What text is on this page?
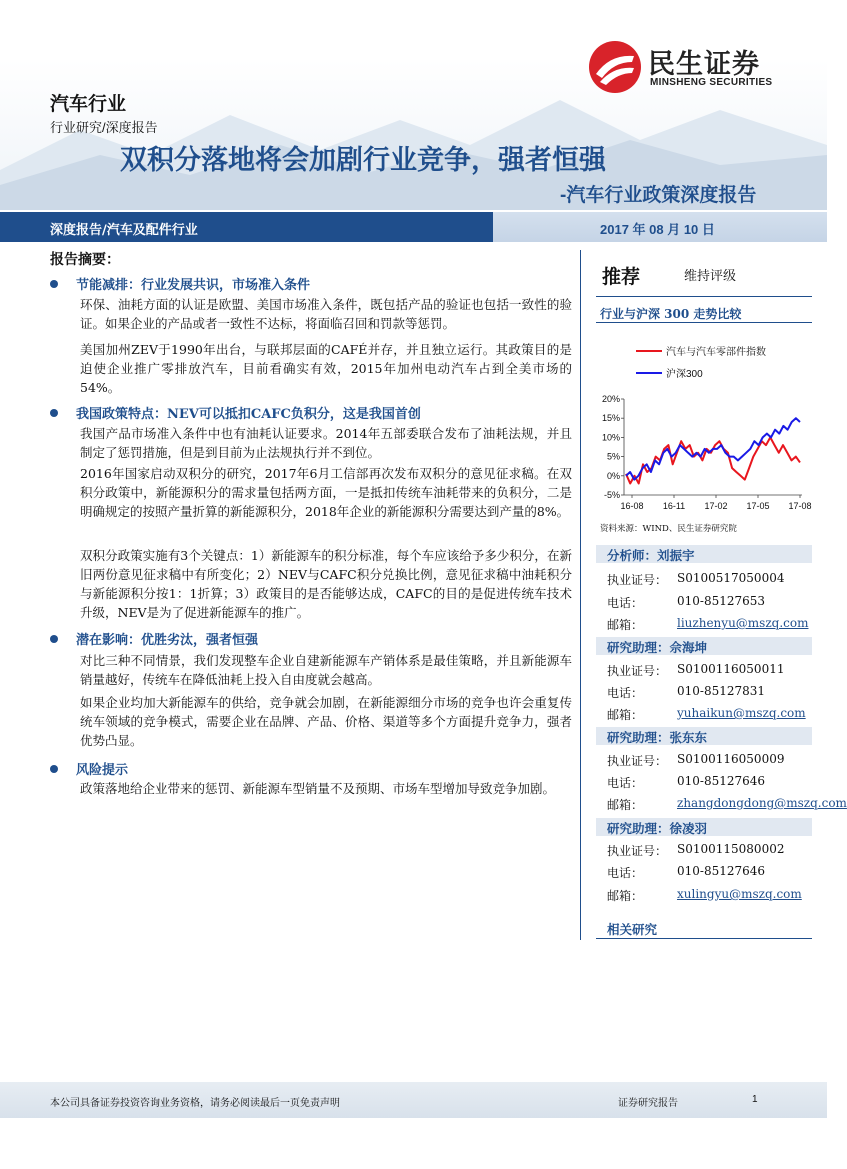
民生证券
MINSHENG SECURITIES
汽车行业
行业研究/深度报告
双积分落地将会加剧行业竞争，强者恒强
-汽车行业政策深度报告
深度报告/汽车及配件行业	2017 年 08 月 10 日
报告摘要：
节能减排：行业发展共识，市场准入条件
环保、油耗方面的认证是欧盟、美国市场准入条件，既包括产品的验证也包括一致性的验证。如果企业的产品或者一致性不达标，将面临召回和罚款等惩罚。
美国加州ZEV于1990年出台，与联邦层面的CAFÉ并存，并且独立运行。其政策目的是迫使企业推广零排放汽车，目前看确实有效，2015年加州电动汽车占到全美市场的54%。
我国政策特点：NEV可以抵扣CAFC负积分，这是我国首创
我国产品市场准入条件中也有油耗认证要求。2014年五部委联合发布了油耗法规，并且制定了惩罚措施，但是到目前为止法规执行并不到位。
2016年国家启动双积分的研究，2017年6月工信部再次发布双积分的意见征求稿。在双积分政策中，新能源积分的需求量包括两方面，一是抵扣传统车油耗带来的负积分，二是明确规定的按照产量折算的新能源积分，2018年企业的新能源积分需要达到产量的8%。
双积分政策实施有3个关键点：1）新能源车的积分标准，每个车应该给予多少积分，在新旧两份意见征求稿中有所变化；2）NEV与CAFC积分兑换比例，意见征求稿中油耗积分与新能源积分按1：1折算；3）政策目的是否能够达成，CAFC的目的是促进传统车技术升级，NEV是为了促进新能源车的推广。
潜在影响：优胜劣汰，强者恒强
对比三种不同情景，我们发现整车企业自建新能源车产销体系是最佳策略，并且新能源车销量越好，传统车在降低油耗上投入自由度就会越高。
如果企业均加大新能源车的供给，竞争就会加剧，在新能源细分市场的竞争也许会重复传统车领域的竞争模式，需要企业在品牌、产品、价格、渠道等多个方面提升竞争力，强者优势凸显。
风险提示
政策落地给企业带来的惩罚、新能源车型销量不及预期、市场车型增加导致竞争加剧。
推荐	维持评级
行业与沪深 300 走势比较
20%
15%
10%
5%
0%
-5%
16-08 16-11 17-02 17-05 17-08
汽车与汽车零部件指数
沪深300
资料来源：WIND、民生证券研究院
分析师：刘振宇
执业证号： S0100517050004
电话：	010-85127653
邮箱：	liuzhenyu@mszq.com
研究助理：佘海坤
执业证号： S0100116050011
电话：	010-85127831
邮箱：	yuhaikun@mszq.com
研究助理：张东东
执业证号： S0100116050009
电话：	010-85127646
邮箱：	zhangdongdong@mszq.com
研究助理：徐凌羽
执业证号： S0100115080002
电话：	010-85127646
邮箱：	xulingyu@mszq.com
相关研究
本公司具备证券投资咨询业务资格，请务必阅读最后一页免责声明	证券研究报告	1
